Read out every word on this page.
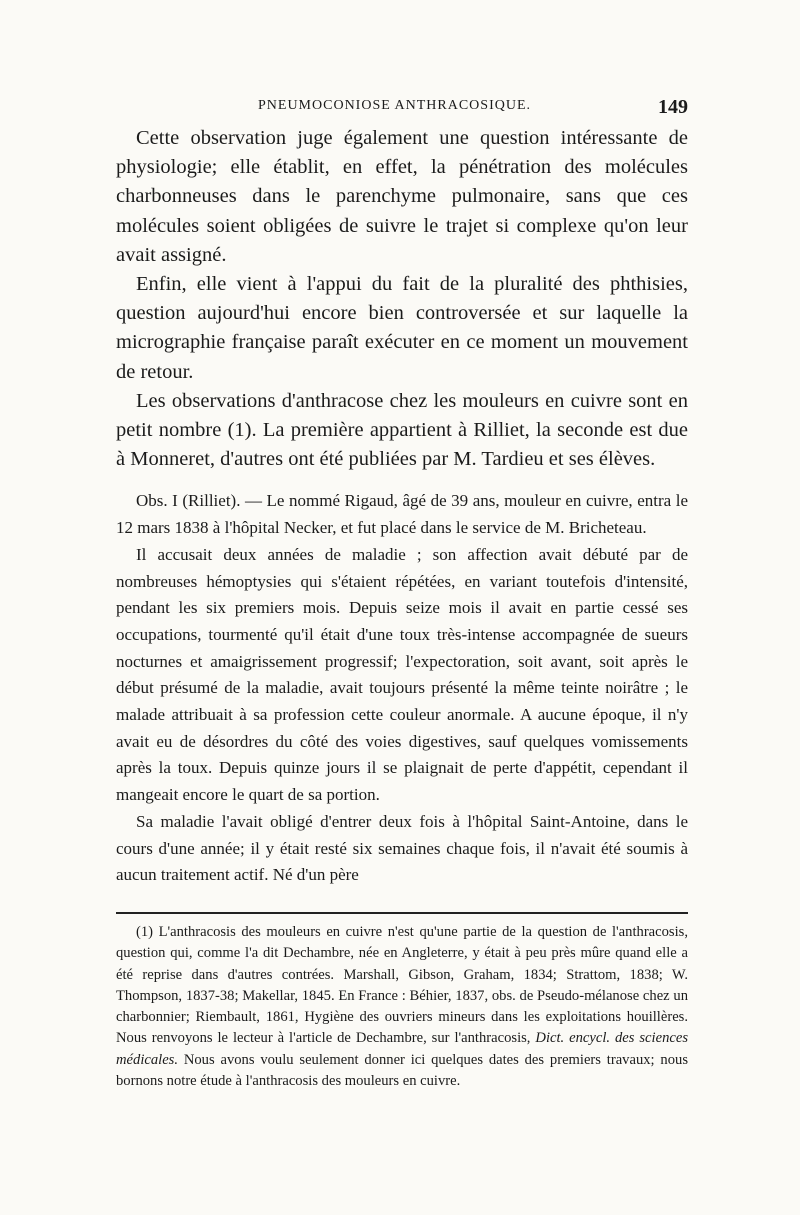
PNEUMOCONIOSE ANTHRACOSIQUE.	149

Cette observation juge également une question intéressante de physiologie; elle établit, en effet, la pénétration des molécules charbonneuses dans le parenchyme pulmonaire, sans que ces molécules soient obligées de suivre le trajet si complexe qu'on leur avait assigné.

Enfin, elle vient à l'appui du fait de la pluralité des phthisies, question aujourd'hui encore bien controversée et sur laquelle la micrographie française paraît exécuter en ce moment un mouvement de retour.

Les observations d'anthracose chez les mouleurs en cuivre sont en petit nombre (1). La première appartient à Rilliet, la seconde est due à Monneret, d'autres ont été publiées par M. Tardieu et ses élèves.

Obs. I (Rilliet). — Le nommé Rigaud, âgé de 39 ans, mouleur en cuivre, entra le 12 mars 1838 à l'hôpital Necker, et fut placé dans le service de M. Bricheteau.

Il accusait deux années de maladie ; son affection avait débuté par de nombreuses hémoptysies qui s'étaient répétées, en variant toutefois d'intensité, pendant les six premiers mois. Depuis seize mois il avait en partie cessé ses occupations, tourmenté qu'il était d'une toux très-intense accompagnée de sueurs nocturnes et amaigrissement progressif; l'expectoration, soit avant, soit après le début présumé de la maladie, avait toujours présenté la même teinte noirâtre ; le malade attribuait à sa profession cette couleur anormale. A aucune époque, il n'y avait eu de désordres du côté des voies digestives, sauf quelques vomissements après la toux. Depuis quinze jours il se plaignait de perte d'appétit, cependant il mangeait encore le quart de sa portion.

Sa maladie l'avait obligé d'entrer deux fois à l'hôpital Saint-Antoine, dans le cours d'une année; il y était resté six semaines chaque fois, il n'avait été soumis à aucun traitement actif. Né d'un père

(1) L'anthracosis des mouleurs en cuivre n'est qu'une partie de la question de l'anthracosis, question qui, comme l'a dit Dechambre, née en Angleterre, y était à peu près mûre quand elle a été reprise dans d'autres contrées. Marshall, Gibson, Graham, 1834; Strattom, 1838; W. Thompson, 1837-38; Makellar, 1845. En France : Béhier, 1837, obs. de Pseudo-mélanose chez un charbonnier; Riembault, 1861, Hygiène des ouvriers mineurs dans les exploitations houillères. Nous renvoyons le lecteur à l'article de Dechambre, sur l'anthracosis, Dict. encycl. des sciences médicales. Nous avons voulu seulement donner ici quelques dates des premiers travaux; nous bornons notre étude à l'anthracosis des mouleurs en cuivre.
